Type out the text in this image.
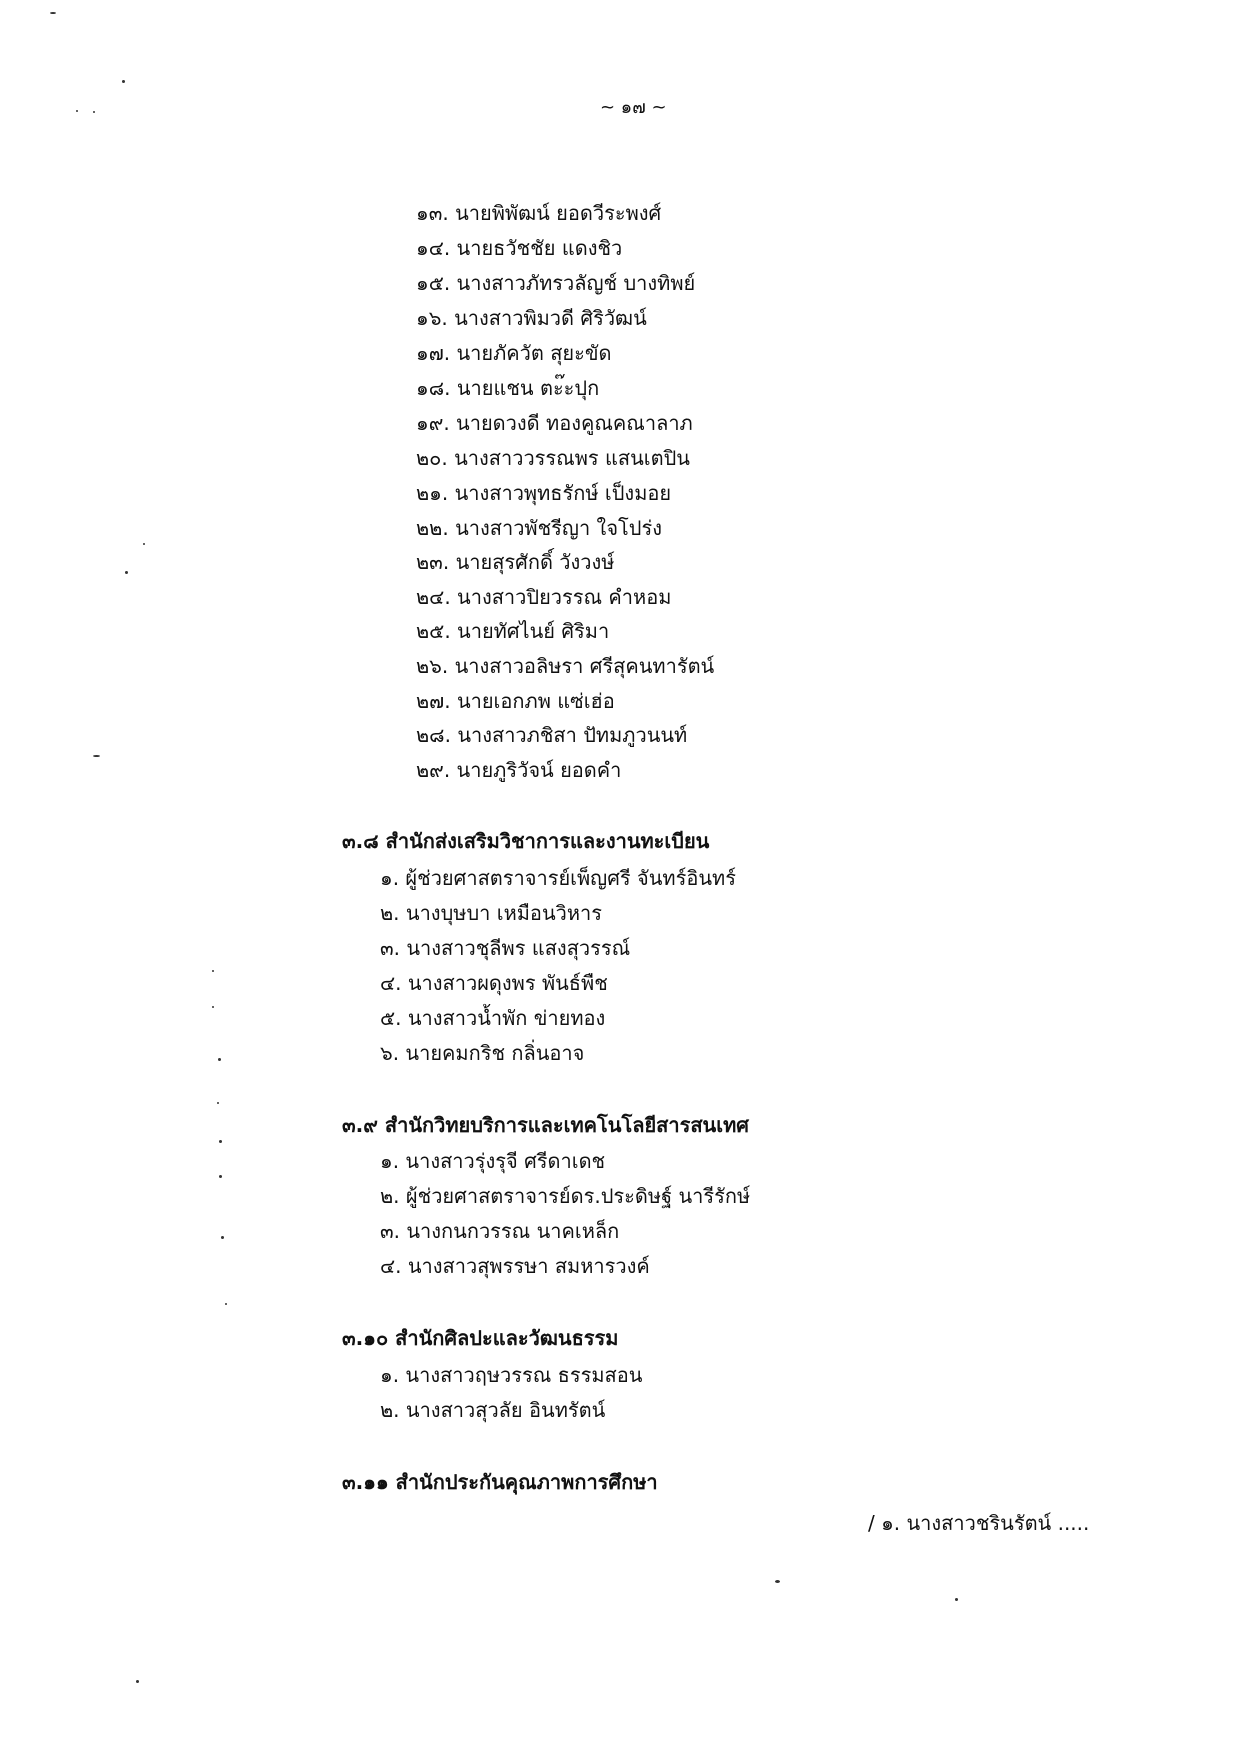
~ ๑๗ ~
๑๓. นายพิพัฒน์ ยอดวีระพงศ์
๑๔. นายธวัชชัย แดงชิว
๑๕. นางสาวภัทรวลัญช์ บางทิพย์
๑๖. นางสาวพิมวดี ศิริวัฒน์
๑๗. นายภัควัต สุยะขัด
๑๘. นายแชน ตะ๊ะปุก
๑๙. นายดวงดี ทองคูณคณาลาภ
๒๐. นางสาววรรณพร แสนเตปิน
๒๑. นางสาวพุทธรักษ์ เป็งมอย
๒๒. นางสาวพัชรีญา ใจโปร่ง
๒๓. นายสุรศักดิ์ วังวงษ์
๒๔. นางสาวปิยวรรณ คำหอม
๒๕. นายทัศไนย์ ศิริมา
๒๖. นางสาวอลิษรา ศรีสุคนทารัตน์
๒๗. นายเอกภพ แซ่เฮ่อ
๒๘. นางสาวภชิสา ปัทมภูวนนท์
๒๙. นายภูริวัจน์ ยอดคำ
๓.๘ สำนักส่งเสริมวิชาการและงานทะเบียน
๑. ผู้ช่วยศาสตราจารย์เพ็ญศรี จันทร์อินทร์
๒. นางบุษบา เหมือนวิหาร
๓. นางสาวชุลีพร แสงสุวรรณ์
๔. นางสาวผดุงพร พันธ์พืช
๕. นางสาวน้ำพัก ข่ายทอง
๖. นายคมกริช กลิ่นอาจ
๓.๙ สำนักวิทยบริการและเทคโนโลยีสารสนเทศ
๑. นางสาวรุ่งรุจี ศรีดาเดช
๒. ผู้ช่วยศาสตราจารย์ดร.ประดิษฐ์ นารีรักษ์
๓. นางกนกวรรณ นาคเหล็ก
๔. นางสาวสุพรรษา สมหารวงค์
๓.๑๐ สำนักศิลปะและวัฒนธรรม
๑. นางสาวฤษวรรณ ธรรมสอน
๒. นางสาวสุวลัย อินทรัตน์
๓.๑๑ สำนักประกันคุณภาพการศึกษา
/ ๑. นางสาวชรินรัตน์ .....
